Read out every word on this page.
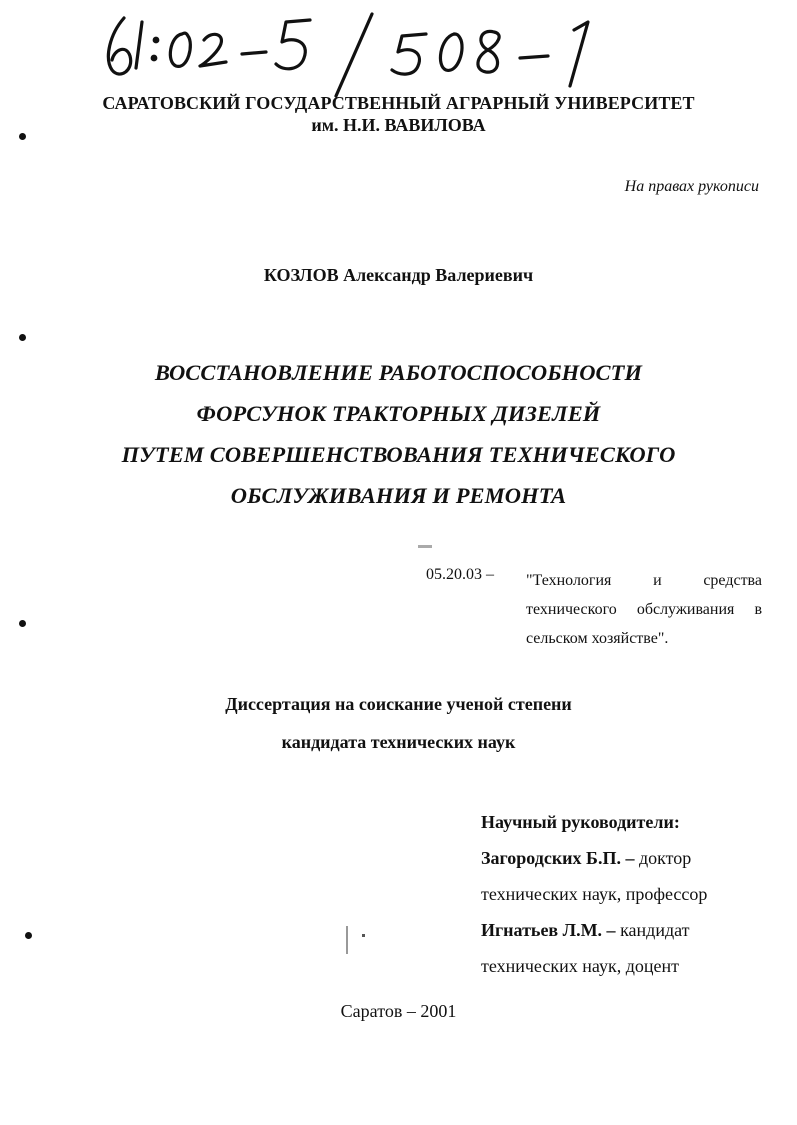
САРАТОВСКИЙ ГОСУДАРСТВЕННЫЙ АГРАРНЫЙ УНИВЕРСИТЕТ
им. Н.И. ВАВИЛОВА
На правах рукописи
КОЗЛОВ Александр Валериевич
ВОССТАНОВЛЕНИЕ РАБОТОСПОСОБНОСТИ
ФОРСУНОК ТРАКТОРНЫХ ДИЗЕЛЕЙ
ПУТЕМ СОВЕРШЕНСТВОВАНИЯ ТЕХНИЧЕСКОГО
ОБСЛУЖИВАНИЯ И РЕМОНТА
05.20.03 – "Технология и средства технического обслуживания в сельском хозяйстве".
Диссертация на соискание ученой степени
кандидата технических наук
Научный руководители:
Загородских Б.П. – доктор
технических наук, профессор
Игнатьев Л.М. – кандидат
технических наук, доцент
Саратов – 2001
